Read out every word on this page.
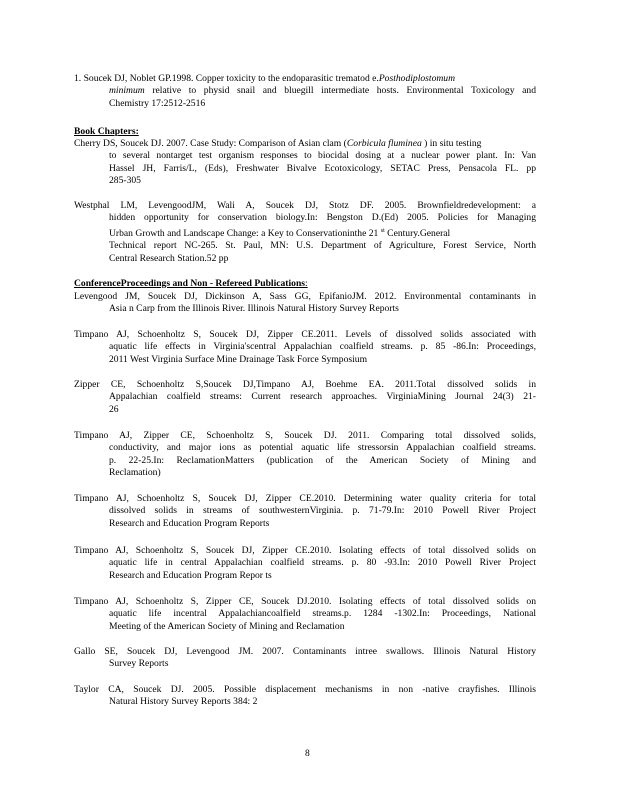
1. Soucek DJ, Noblet GP.1998. Copper toxicity to the endoparasitic trematod e.Posthodiplostomum
minimum relative to physid snail and bluegill intermediate hosts. Environmental Toxicology and
Chemistry 17:2512-2516
Book Chapters:
Cherry DS, Soucek DJ. 2007. Case Study: Comparison of Asian clam (Corbicula fluminea ) in situ testing
to several nontarget test organism responses to biocidal dosing at a nuclear power plant. In: Van
Hassel JH, Farris/L, (Eds), Freshwater Bivalve Ecotoxicology, SETAC Press, Pensacola FL. pp
285-305
Westphal LM, LevengoodJM, Wali A, Soucek DJ, Stotz DF. 2005. Brownfieldredevelopment: a
hidden opportunity for conservation biology.In: Bengston D.(Ed) 2005. Policies for Managing
Urban Growth and Landscape Change: a Key to Conservationinthe 21 $^{st}$ Century.General
Technical report NC-265. St. Paul, MN: U.S. Department of Agriculture, Forest Service, North
Central Research Station.52 pp
ConferenceProceedings and Non - Refereed Publications:
Levengood JM, Soucek DJ, Dickinson A, Sass GG, EpifanioJM. 2012. Environmental contaminants in
Asia n Carp from the Illinois River. Illinois Natural History Survey Reports
Timpano AJ, Schoenholtz S, Soucek DJ, Zipper CE.2011. Levels of dissolved solids associated with
aquatic life effects in Virginia'scentral Appalachian coalfield streams. p. 85 -86.In: Proceedings,
2011 West Virginia Surface Mine Drainage Task Force Symposium
Zipper CE, Schoenholtz S,Soucek DJ,Timpano AJ, Boehme EA. 2011.Total dissolved solids in
Appalachian coalfield streams: Current research approaches. VirginiaMining Journal 24(3) 21-
26
Timpano AJ, Zipper CE, Schoenholtz S, Soucek DJ. 2011. Comparing total dissolved solids,
conductivity, and major ions as potential aquatic life stressorsin Appalachian coalfield streams.
p. 22-25.In: ReclamationMatters (publication of the American Society of Mining and
Reclamation)
Timpano AJ, Schoenholtz S, Soucek DJ, Zipper CE.2010. Determining water quality criteria for total
dissolved solids in streams of southwesternVirginia. p. 71-79.In: 2010 Powell River Project
Research and Education Program Reports
Timpano AJ, Schoenholtz S, Soucek DJ, Zipper CE.2010. Isolating effects of total dissolved solids on
aquatic life in central Appalachian coalfield streams. p. 80 -93.In: 2010 Powell River Project
Research and Education Program Repor ts
Timpano AJ, Schoenholtz S, Zipper CE, Soucek DJ.2010. Isolating effects of total dissolved solids on
aquatic life incentral Appalachiancoalfield streams.p. 1284 -1302.In: Proceedings, National
Meeting of the American Society of Mining and Reclamation
Gallo SE, Soucek DJ, Levengood JM. 2007. Contaminants intree swallows. Illinois Natural History
Survey Reports
Taylor CA, Soucek DJ. 2005. Possible displacement mechanisms in non -native crayfishes. Illinois
Natural History Survey Reports 384: 2
8
